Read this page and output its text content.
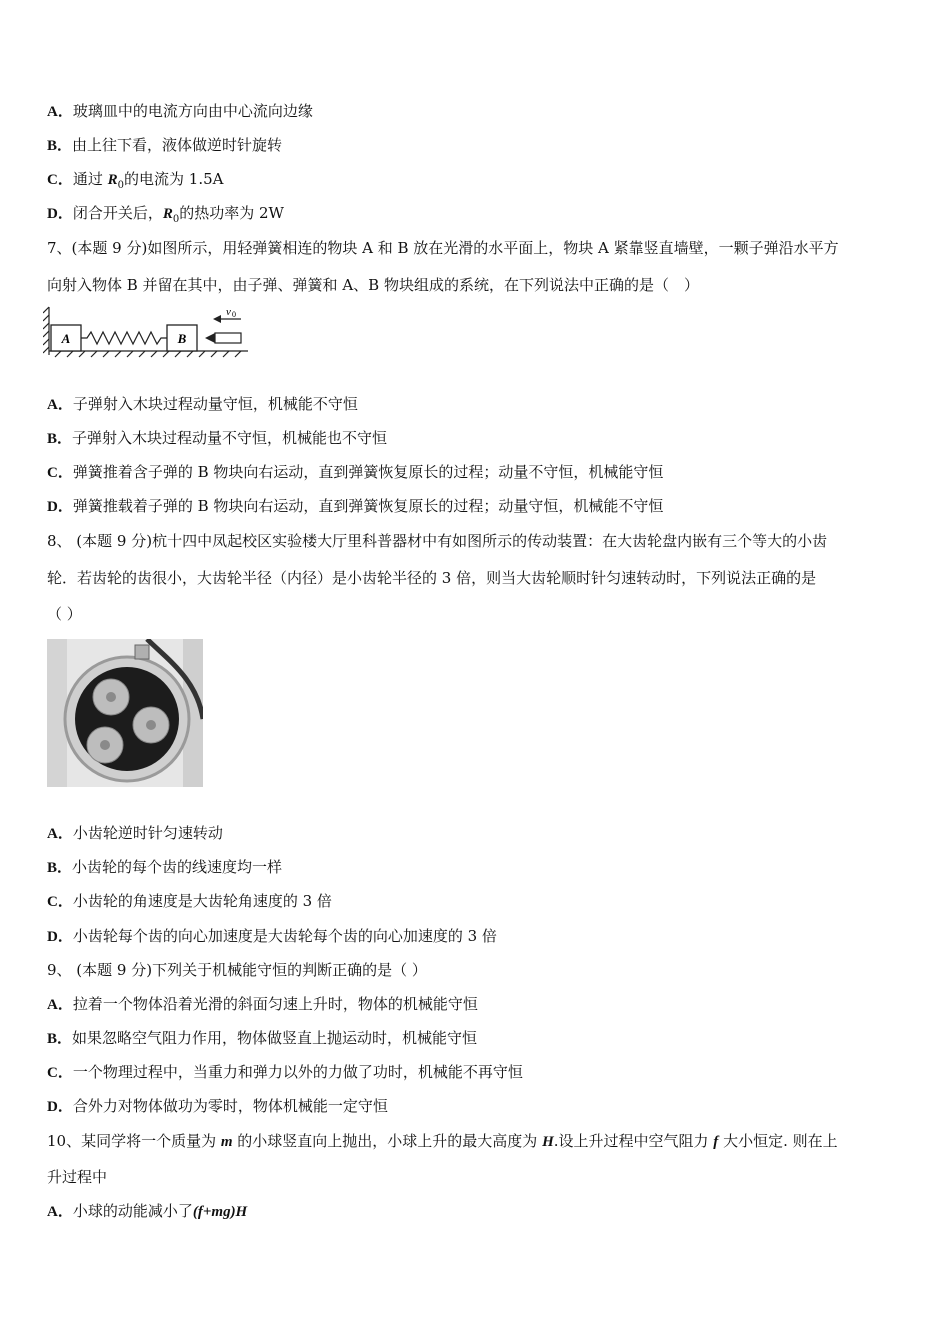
A．玻璃皿中的电流方向由中心流向边缘
B．由上往下看，液体做逆时针旋转
C．通过 $R_0$的电流为 1.5A
D．闭合开关后，$R_0$的热功率为 2W
7、(本题 9 分)如图所示，用轻弹簧相连的物块 A 和 B 放在光滑的水平面上，物块 A 紧靠竖直墙壁，一颗子弹沿水平方
向射入物体 B 并留在其中，由子弹、弹簧和 A、B 物块组成的系统，在下列说法中正确的是（　）
A	B
v 0
A．子弹射入木块过程动量守恒，机械能不守恒
B．子弹射入木块过程动量不守恒，机械能也不守恒
C．弹簧推着含子弹的 B 物块向右运动，直到弹簧恢复原长的过程；动量不守恒，机械能守恒
D．弹簧推载着子弹的 B 物块向右运动，直到弹簧恢复原长的过程；动量守恒，机械能不守恒
8、 (本题 9 分)杭十四中凤起校区实验楼大厅里科普器材中有如图所示的传动装置：在大齿轮盘内嵌有三个等大的小齿
轮．若齿轮的齿很小，大齿轮半径（内径）是小齿轮半径的 3 倍，则当大齿轮顺时针匀速转动时，下列说法正确的是
（ ）
A．小齿轮逆时针匀速转动
B．小齿轮的每个齿的线速度均一样
C．小齿轮的角速度是大齿轮角速度的 3 倍
D．小齿轮每个齿的向心加速度是大齿轮每个齿的向心加速度的 3 倍
9、 (本题 9 分)下列关于机械能守恒的判断正确的是（ ）
A．拉着一个物体沿着光滑的斜面匀速上升时，物体的机械能守恒
B．如果忽略空气阻力作用，物体做竖直上抛运动时，机械能守恒
C．一个物理过程中，当重力和弹力以外的力做了功时，机械能不再守恒
D．合外力对物体做功为零时，物体机械能一定守恒
10、某同学将一个质量为 m 的小球竖直向上抛出，小球上升的最大高度为 H.设上升过程中空气阻力 f 大小恒定. 则在上
升过程中
A．小球的动能减小了(f+mg)H
